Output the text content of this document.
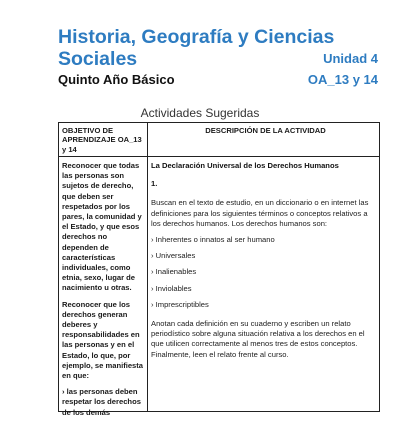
Historia, Geografía y Ciencias
Sociales	Unidad 4
Quinto Año Básico	OA_13 y 14
Actividades Sugeridas
OBJETIVO DE APRENDIZAJE OA_13 y 14
DESCRIPCIÓN DE LA ACTIVIDAD

Reconocer que todas las personas son sujetos de derecho, que deben ser respetados por los pares, la comunidad y el Estado, y que esos derechos no dependen de características individuales, como etnia, sexo, lugar de nacimiento u otras.

Reconocer que los derechos generan deberes y responsabilidades en las personas y en el Estado, lo que, por ejemplo, se manifiesta en que:

› las personas deben respetar los derechos de los demás

La Declaración Universal de los Derechos Humanos

1.

Buscan en el texto de estudio, en un diccionario o en internet las definiciones para los siguientes términos o conceptos relativos a los derechos humanos. Los derechos humanos son:

› Inherentes o innatos al ser humano

› Universales

› Inalienables

› Inviolables

› Imprescriptibles

Anotan cada definición en su cuaderno y escriben un relato periodístico sobre alguna situación relativa a los derechos en el que utilicen correctamente al menos tres de estos conceptos. Finalmente, leen el relato frente al curso.
